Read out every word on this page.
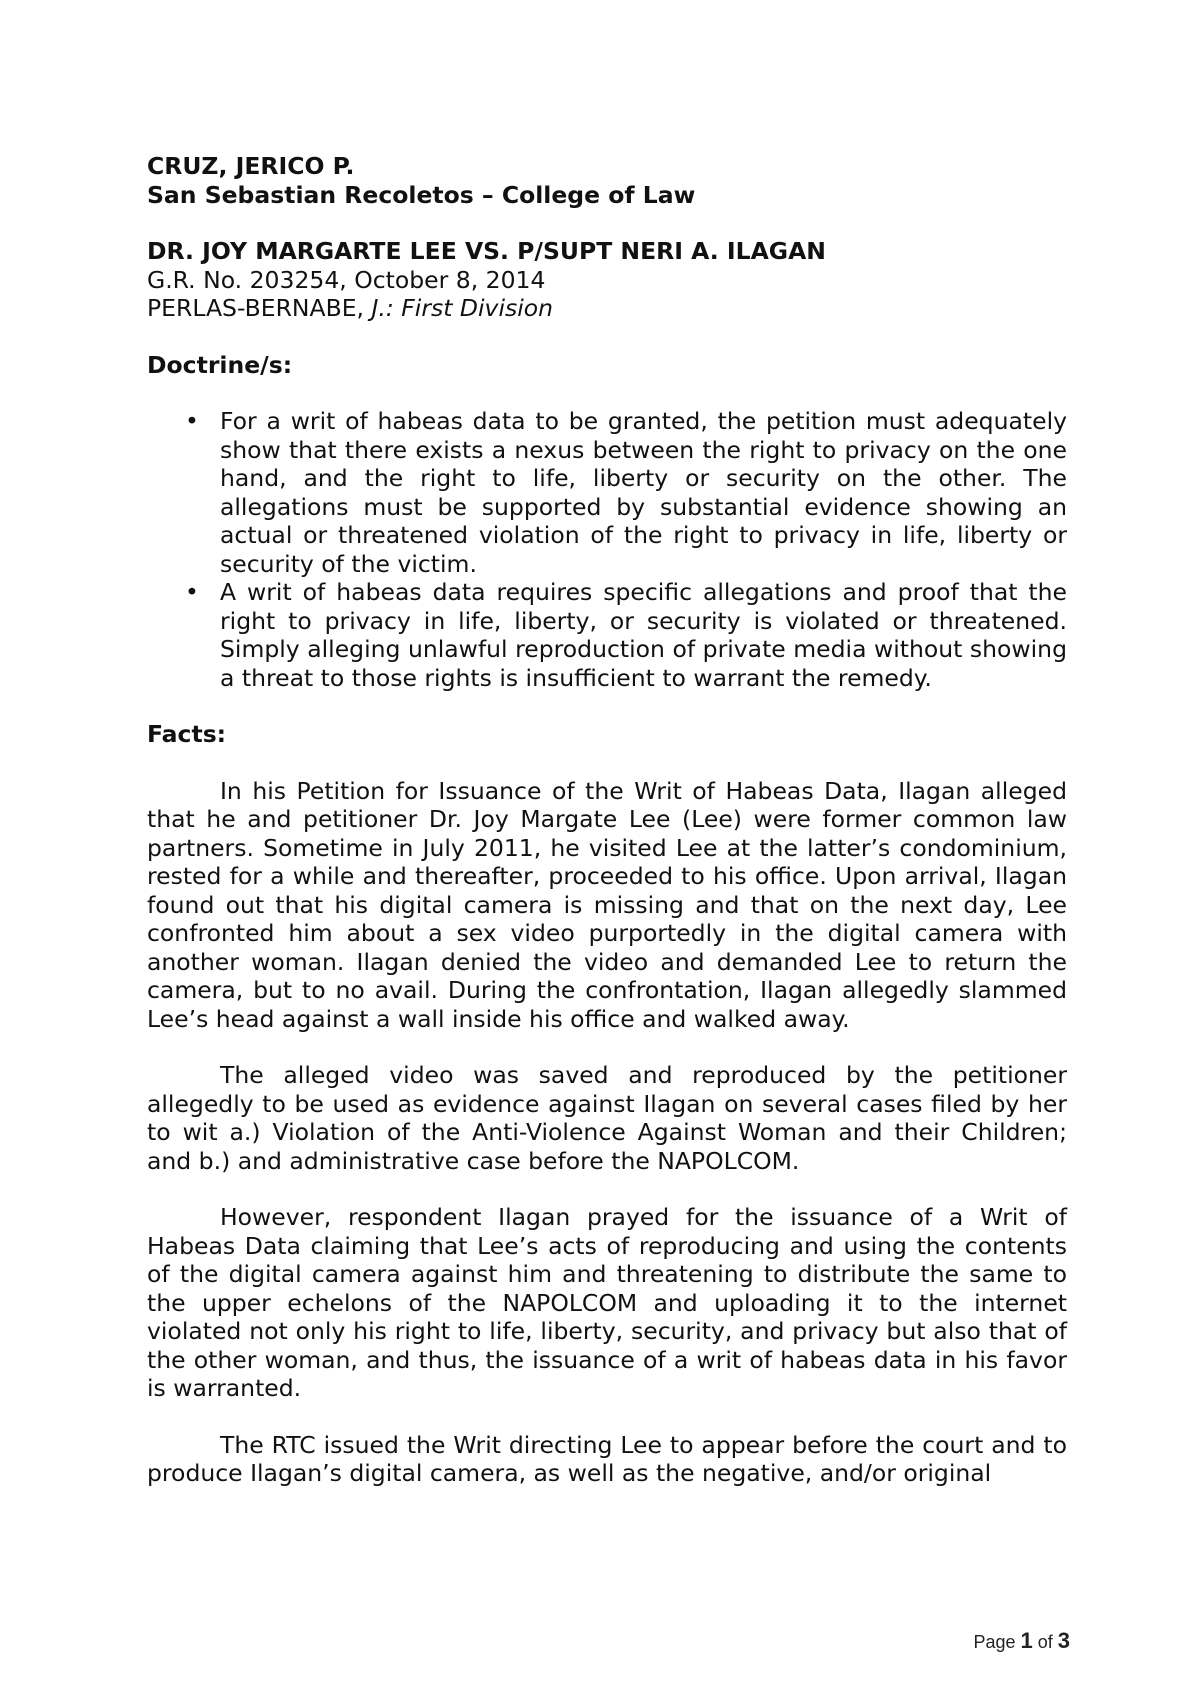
CRUZ, JERICO P.

San Sebastian Recoletos – College of Law

DR. JOY MARGARTE LEE VS. P/SUPT NERI A. ILAGAN

G.R. No. 203254, October 8, 2014

PERLAS-BERNABE, J.: First Division

Doctrine/s:

• For a writ of habeas data to be granted, the petition must adequately show that there exists a nexus between the right to privacy on the one hand, and the right to life, liberty or security on the other. The allegations must be supported by substantial evidence showing an actual or threatened violation of the right to privacy in life, liberty or security of the victim.
• A writ of habeas data requires specific allegations and proof that the right to privacy in life, liberty, or security is violated or threatened. Simply alleging unlawful reproduction of private media without showing a threat to those rights is insufficient to warrant the remedy.

Facts:

In his Petition for Issuance of the Writ of Habeas Data, Ilagan alleged that he and petitioner Dr. Joy Margate Lee (Lee) were former common law partners. Sometime in July 2011, he visited Lee at the latter’s condominium, rested for a while and thereafter, proceeded to his office. Upon arrival, Ilagan found out that his digital camera is missing and that on the next day, Lee confronted him about a sex video purportedly in the digital camera with another woman. Ilagan denied the video and demanded Lee to return the camera, but to no avail. During the confrontation, Ilagan allegedly slammed Lee’s head against a wall inside his office and walked away.

The alleged video was saved and reproduced by the petitioner allegedly to be used as evidence against Ilagan on several cases filed by her to wit a.) Violation of the Anti-Violence Against Woman and their Children; and b.) and administrative case before the NAPOLCOM.

However, respondent Ilagan prayed for the issuance of a Writ of Habeas Data claiming that Lee’s acts of reproducing and using the contents of the digital camera against him and threatening to distribute the same to the upper echelons of the NAPOLCOM and uploading it to the internet violated not only his right to life, liberty, security, and privacy but also that of the other woman, and thus, the issuance of a writ of habeas data in his favor is warranted.

The RTC issued the Writ directing Lee to appear before the court and to produce Ilagan’s digital camera, as well as the negative, and/or original

Page 1 of 3
